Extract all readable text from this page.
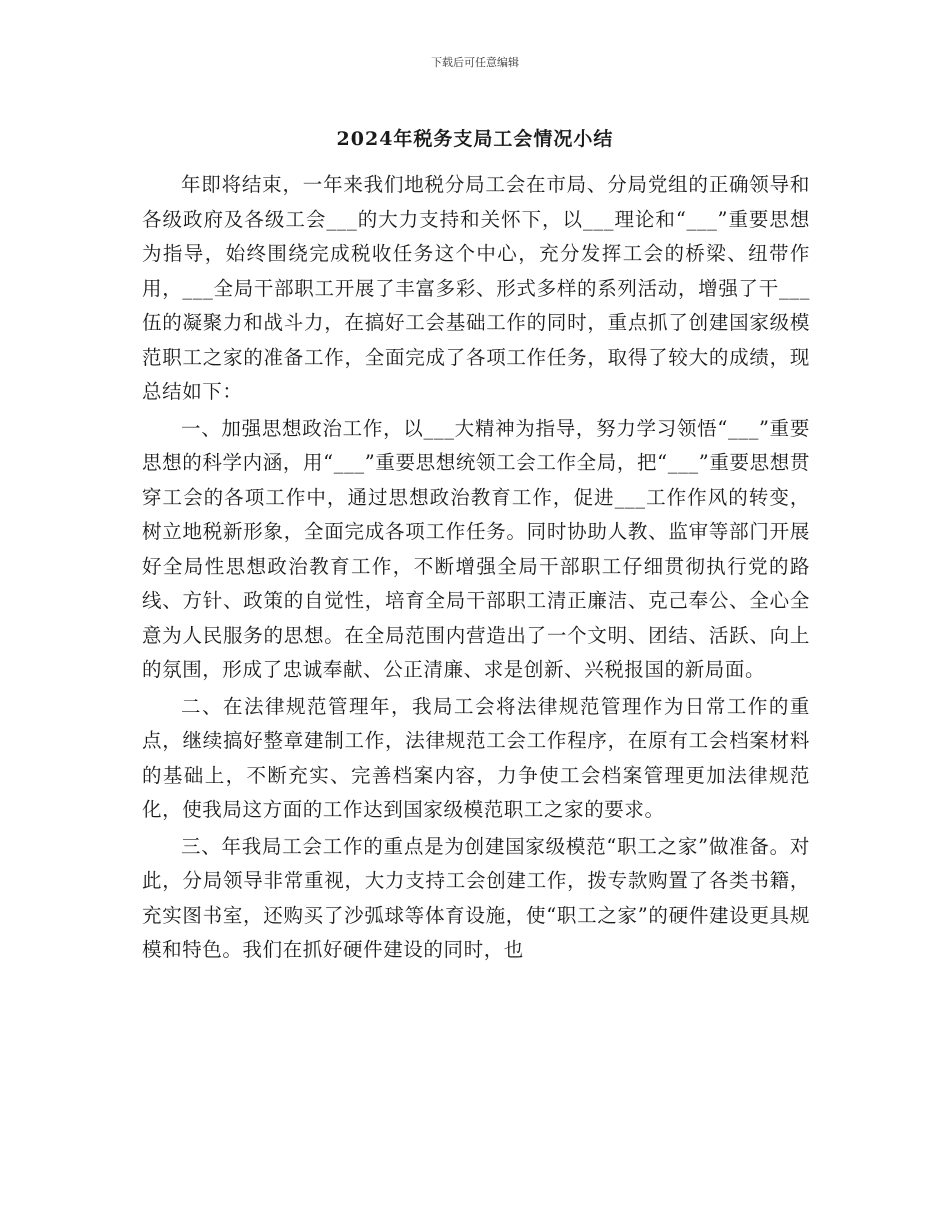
下载后可任意编辑
2024年税务支局工会情况小结

年即将结束，一年来我们地税分局工会在市局、分局党组的正确领导和各级政府及各级工会___的大力支持和关怀下，以___理论和“___”重要思想为指导，始终围绕完成税收任务这个中心，充分发挥工会的桥梁、纽带作用，___全局干部职工开展了丰富多彩、形式多样的系列活动，增强了干___伍的凝聚力和战斗力，在搞好工会基础工作的同时，重点抓了创建国家级模范职工之家的准备工作，全面完成了各项工作任务，取得了较大的成绩，现总结如下：

一、加强思想政治工作，以___大精神为指导，努力学习领悟“___”重要思想的科学内涵，用“___”重要思想统领工会工作全局，把“___”重要思想贯穿工会的各项工作中，通过思想政治教育工作，促进___工作作风的转变，树立地税新形象，全面完成各项工作任务。同时协助人教、监审等部门开展好全局性思想政治教育工作，不断增强全局干部职工仔细贯彻执行党的路线、方针、政策的自觉性，培育全局干部职工清正廉洁、克己奉公、全心全意为人民服务的思想。在全局范围内营造出了一个文明、团结、活跃、向上的氛围，形成了忠诚奉献、公正清廉、求是创新、兴税报国的新局面。

二、在法律规范管理年，我局工会将法律规范管理作为日常工作的重点，继续搞好整章建制工作，法律规范工会工作程序，在原有工会档案材料的基础上，不断充实、完善档案内容，力争使工会档案管理更加法律规范化，使我局这方面的工作达到国家级模范职工之家的要求。

三、年我局工会工作的重点是为创建国家级模范“职工之家”做准备。对此，分局领导非常重视，大力支持工会创建工作，拨专款购置了各类书籍，充实图书室，还购买了沙弧球等体育设施，使“职工之家”的硬件建设更具规模和特色。我们在抓好硬件建设的同时，也
